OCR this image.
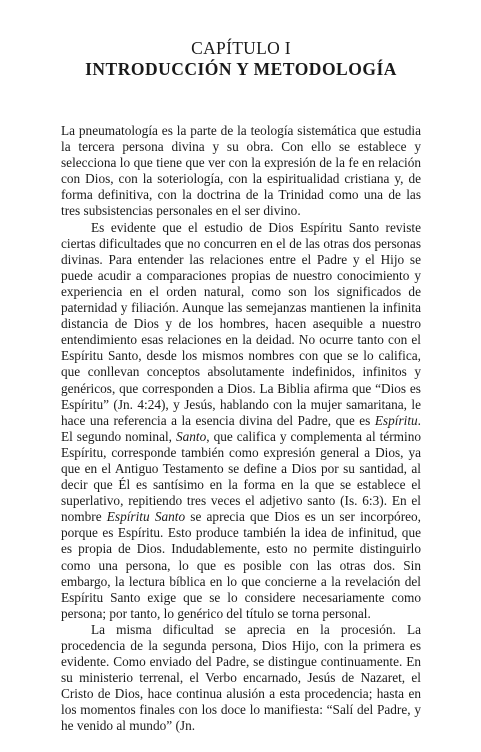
CAPÍTULO I
INTRODUCCIÓN Y METODOLOGÍA

La pneumatología es la parte de la teología sistemática que estudia la tercera persona divina y su obra. Con ello se establece y selecciona lo que tiene que ver con la expresión de la fe en relación con Dios, con la soteriología, con la espiritualidad cristiana y, de forma definitiva, con la doctrina de la Trinidad como una de las tres subsistencias personales en el ser divino.

Es evidente que el estudio de Dios Espíritu Santo reviste ciertas dificultades que no concurren en el de las otras dos personas divinas. Para entender las relaciones entre el Padre y el Hijo se puede acudir a comparaciones propias de nuestro conocimiento y experiencia en el orden natural, como son los significados de paternidad y filiación. Aunque las semejanzas mantienen la infinita distancia de Dios y de los hombres, hacen asequible a nuestro entendimiento esas relaciones en la deidad. No ocurre tanto con el Espíritu Santo, desde los mismos nombres con que se lo califica, que conllevan conceptos absolutamente indefinidos, infinitos y genéricos, que corresponden a Dios. La Biblia afirma que “Dios es Espíritu” (Jn. 4:24), y Jesús, hablando con la mujer samaritana, le hace una referencia a la esencia divina del Padre, que es Espíritu. El segundo nominal, Santo, que califica y complementa al término Espíritu, corresponde también como expresión general a Dios, ya que en el Antiguo Testamento se define a Dios por su santidad, al decir que Él es santísimo en la forma en la que se establece el superlativo, repitiendo tres veces el adjetivo santo (Is. 6:3). En el nombre Espíritu Santo se aprecia que Dios es un ser incorpóreo, porque es Espíritu. Esto produce también la idea de infinitud, que es propia de Dios. Indudablemente, esto no permite distinguirlo como una persona, lo que es posible con las otras dos. Sin embargo, la lectura bíblica en lo que concierne a la revelación del Espíritu Santo exige que se lo considere necesariamente como persona; por tanto, lo genérico del título se torna personal.

La misma dificultad se aprecia en la procesión. La procedencia de la segunda persona, Dios Hijo, con la primera es evidente. Como enviado del Padre, se distingue continuamente. En su ministerio terrenal, el Verbo encarnado, Jesús de Nazaret, el Cristo de Dios, hace continua alusión a esta procedencia; hasta en los momentos finales con los doce lo manifiesta: “Salí del Padre, y he venido al mundo” (Jn.
